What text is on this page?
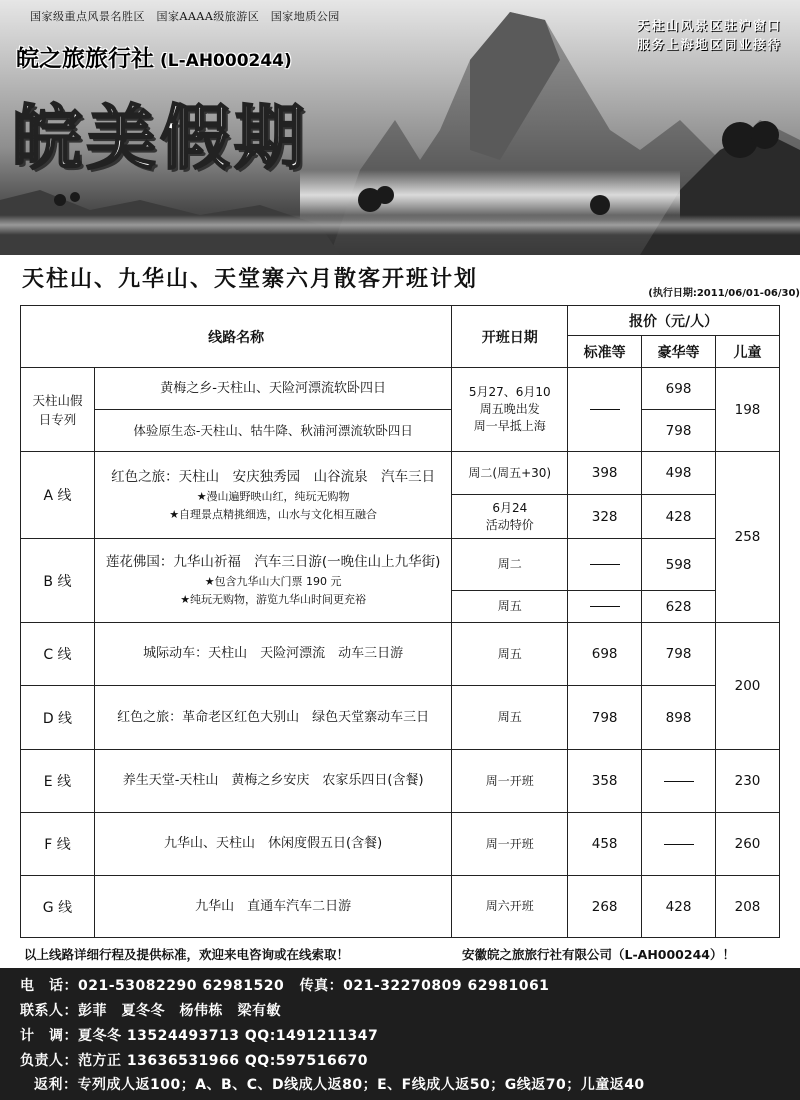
国家级重点风景名胜区　国家AAAA级旅游区　国家地质公园
皖之旅旅行社 (L-AH000244)
皖美假期
天柱山风景区驻沪窗口
服务上海地区同业接待
天柱山、九华山、天堂寨六月散客开班计划
(执行日期:2011/06/01-06/30)
线路名称		开班日期	报价（元/人）		
			标准等	豪华等	儿童
天柱山假日专列	黄梅之乡-天柱山、天险河漂流软卧四日	5月27、6月10
周五晚出发
周一早抵上海		698	198
	体验原生态-天柱山、牯牛降、秋浦河漂流软卧四日			798	
A 线	红色之旅：天柱山　安庆独秀园　山谷流泉　汽车三日
★漫山遍野映山红，纯玩无购物
★自理景点精挑细选，山水与文化相互融合	周二(周五+30)	398	498	258
		6月24
活动特价	328	428	
B 线	莲花佛国：九华山祈福　汽车三日游(一晚住山上九华街)
★包含九华山大门票 190 元
★纯玩无购物，游览九华山时间更充裕	周二		598	
		周五		628	
C 线	城际动车：天柱山　天险河漂流　动车三日游	周五	698	798	200
D 线	红色之旅：革命老区红色大别山　绿色天堂寨动车三日	周五	798	898	
E 线	养生天堂-天柱山　黄梅之乡安庆　农家乐四日(含餐)	周一开班	358		230
F 线	九华山、天柱山　休闲度假五日(含餐)	周一开班	458		260
G 线	九华山　直通车汽车二日游	周六开班	268	428	208
以上线路详细行程及提供标准，欢迎来电咨询或在线索取！	安徽皖之旅旅行社有限公司（L-AH000244）！
电　话：021-53082290 62981520 传真：021-32270809 62981061
联系人：彭菲　夏冬冬　杨伟栋　梁有敏
计　调：夏冬冬 13524493713 QQ:1491211347
负责人：范方正 13636531966 QQ:597516670
返利：专列成人返100；A、B、C、D线成人返80；E、F线成人返50；G线返70；儿童返40
